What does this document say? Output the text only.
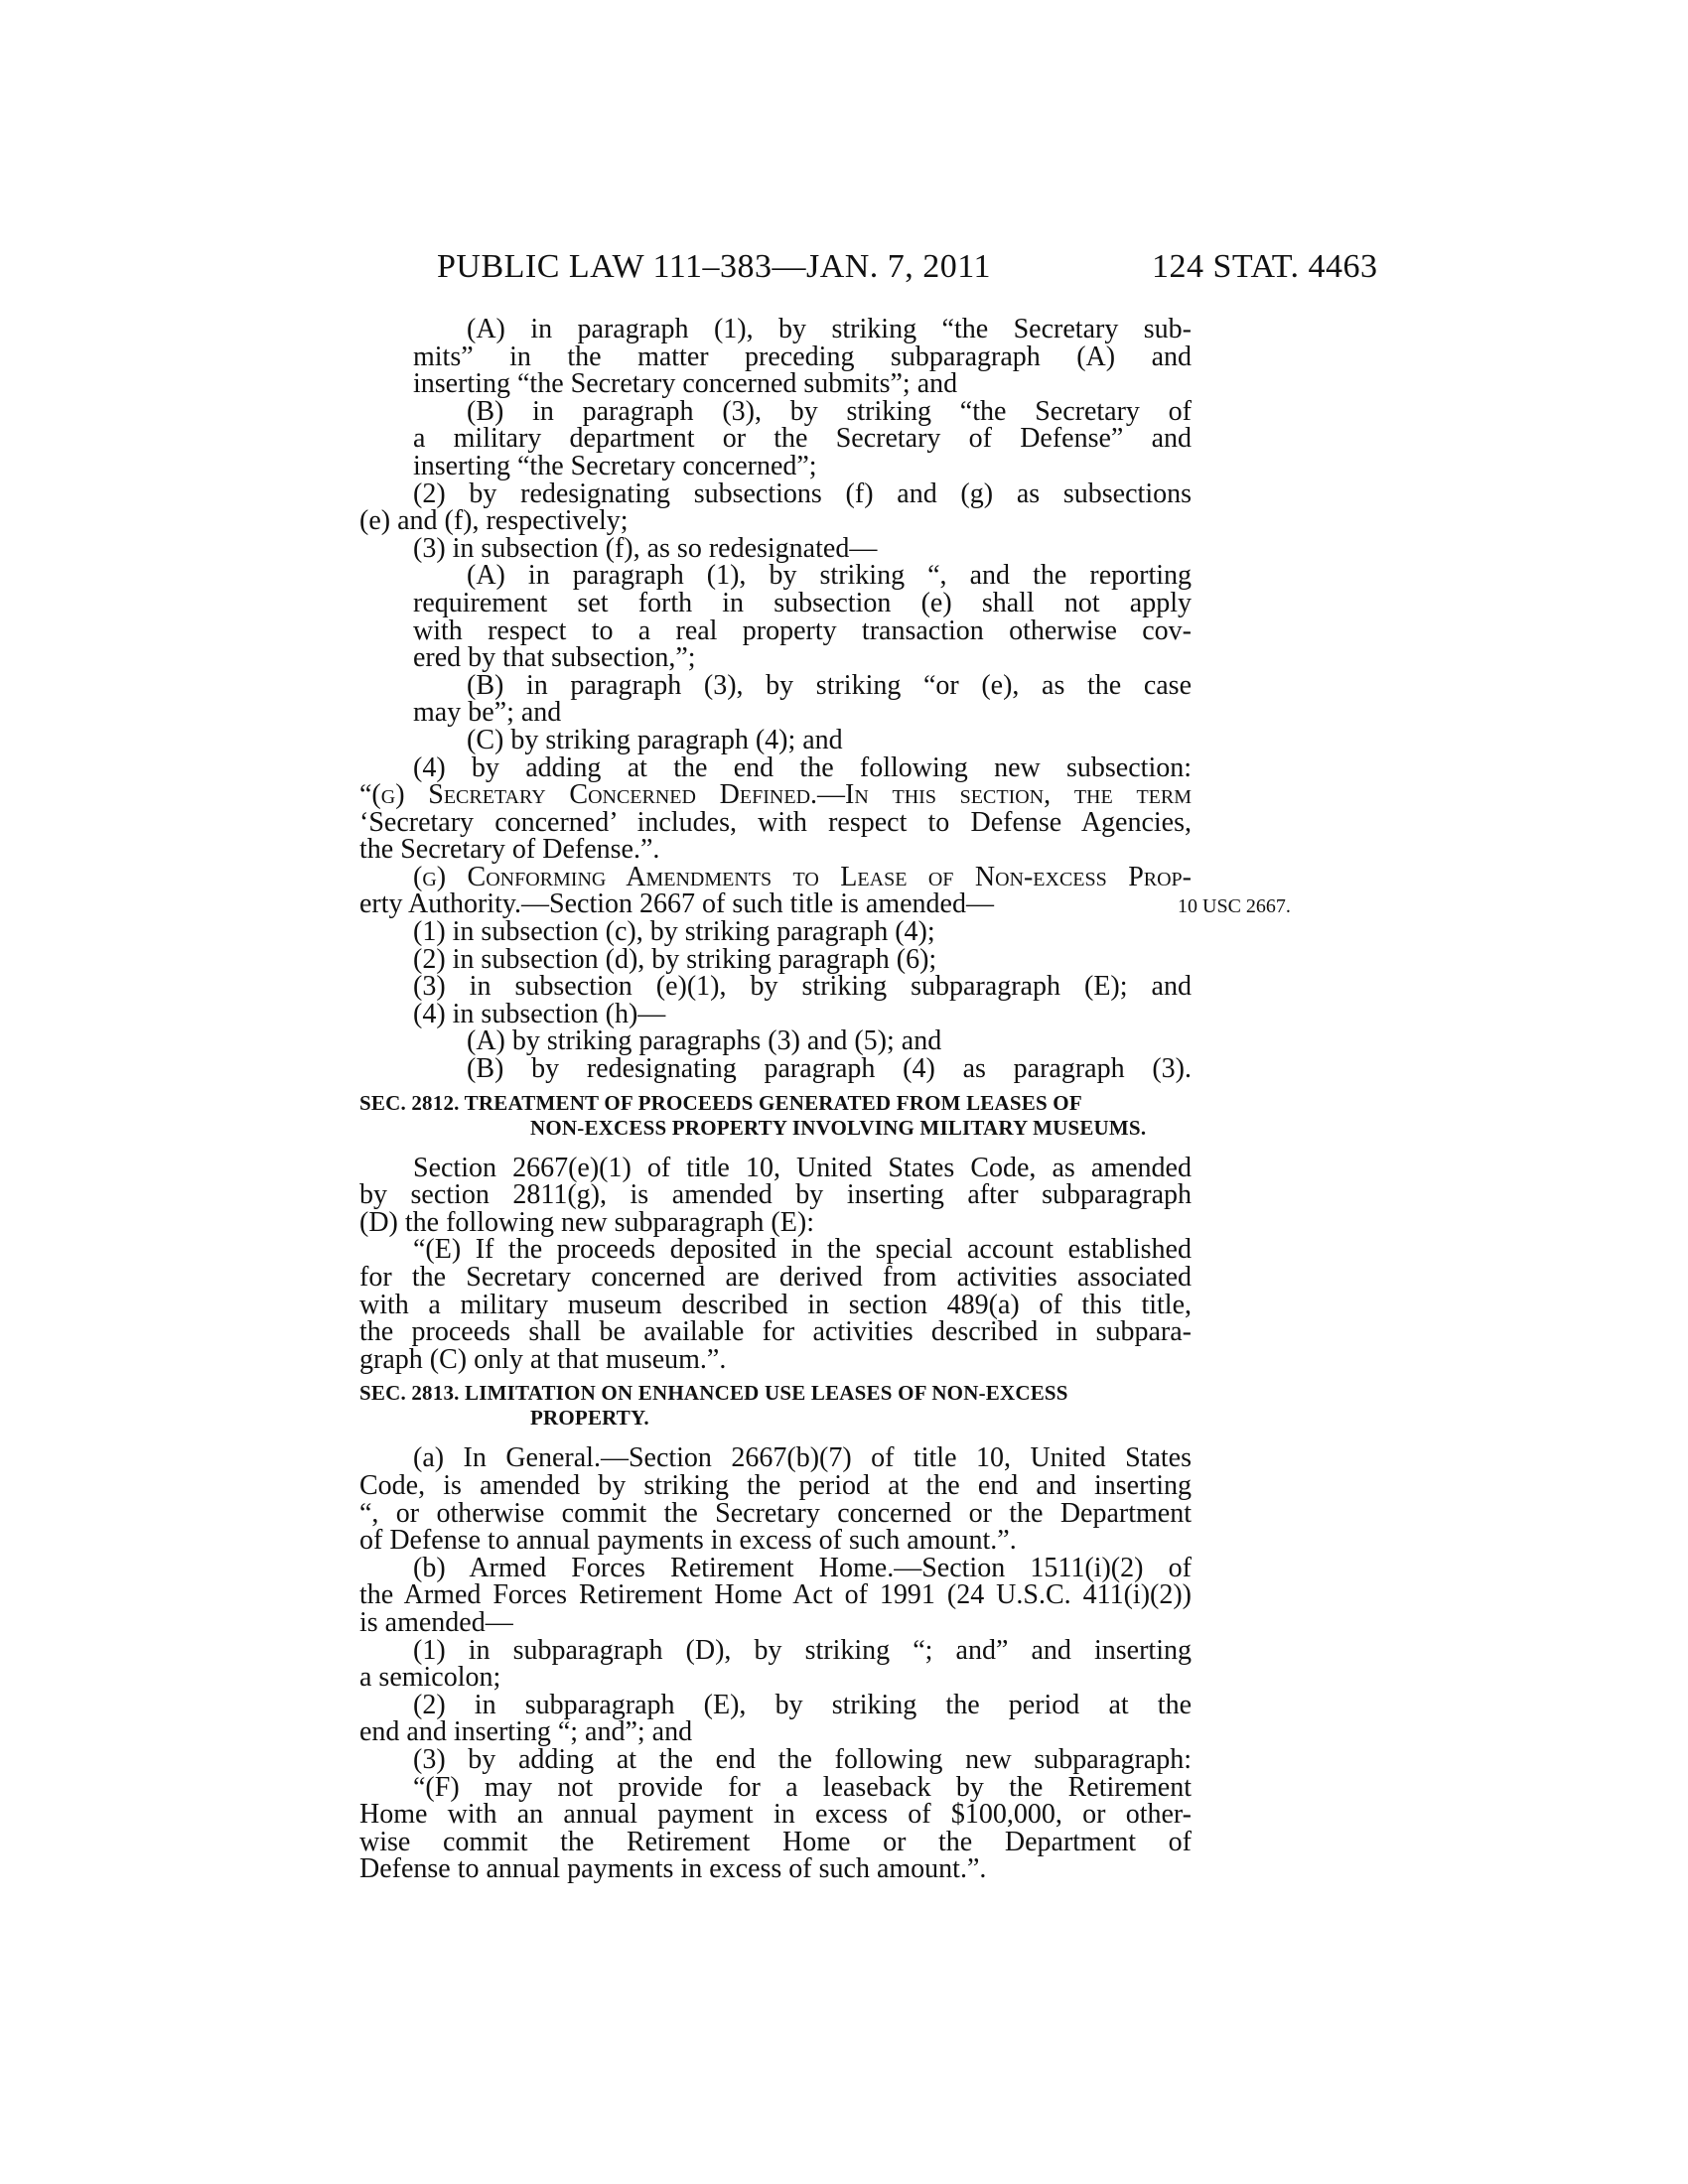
PUBLIC LAW 111–383—JAN. 7, 2011	124 STAT. 4463
10 USC 2667.
(A) in paragraph (1), by striking “the Secretary sub-
mits” in the matter preceding subparagraph (A) and
inserting “the Secretary concerned submits”; and
(B) in paragraph (3), by striking “the Secretary of
a military department or the Secretary of Defense” and
inserting “the Secretary concerned”;
(2) by redesignating subsections (f) and (g) as subsections
(e) and (f), respectively;
(3) in subsection (f), as so redesignated—
(A) in paragraph (1), by striking “, and the reporting
requirement set forth in subsection (e) shall not apply
with respect to a real property transaction otherwise cov-
ered by that subsection,”;
(B) in paragraph (3), by striking “or (e), as the case
may be”; and
(C) by striking paragraph (4); and
(4) by adding at the end the following new subsection:
“(g) Secretary Concerned Defined.—In this section, the term
‘Secretary concerned’ includes, with respect to Defense Agencies,
the Secretary of Defense.”.
(g) Conforming Amendments to Lease of Non-excess Prop-
erty Authority.—Section 2667 of such title is amended—
(1) in subsection (c), by striking paragraph (4);
(2) in subsection (d), by striking paragraph (6);
(3) in subsection (e)(1), by striking subparagraph (E); and
(4) in subsection (h)—
(A) by striking paragraphs (3) and (5); and
(B) by redesignating paragraph (4) as paragraph (3).
SEC. 2812. TREATMENT OF PROCEEDS GENERATED FROM LEASES OF
NON-EXCESS PROPERTY INVOLVING MILITARY MUSEUMS.
Section 2667(e)(1) of title 10, United States Code, as amended
by section 2811(g), is amended by inserting after subparagraph
(D) the following new subparagraph (E):
“(E) If the proceeds deposited in the special account established
for the Secretary concerned are derived from activities associated
with a military museum described in section 489(a) of this title,
the proceeds shall be available for activities described in subpara-
graph (C) only at that museum.”.
SEC. 2813. LIMITATION ON ENHANCED USE LEASES OF NON-EXCESS
PROPERTY.
(a) In General.—Section 2667(b)(7) of title 10, United States
Code, is amended by striking the period at the end and inserting
“, or otherwise commit the Secretary concerned or the Department
of Defense to annual payments in excess of such amount.”.
(b) Armed Forces Retirement Home.—Section 1511(i)(2) of
the Armed Forces Retirement Home Act of 1991 (24 U.S.C. 411(i)(2))
is amended—
(1) in subparagraph (D), by striking “; and” and inserting
a semicolon;
(2) in subparagraph (E), by striking the period at the
end and inserting “; and”; and
(3) by adding at the end the following new subparagraph:
“(F) may not provide for a leaseback by the Retirement
Home with an annual payment in excess of $100,000, or other-
wise commit the Retirement Home or the Department of
Defense to annual payments in excess of such amount.”.
